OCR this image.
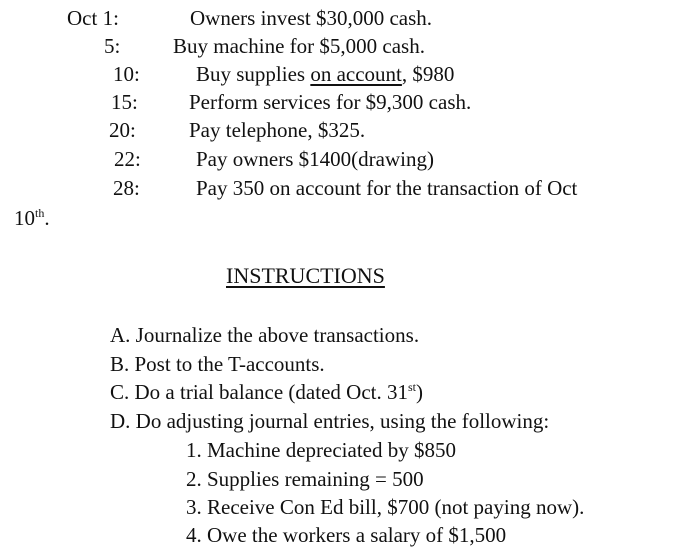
Oct 1:	Owners invest $30,000 cash.
5:	Buy machine for $5,000 cash.
10:	Buy supplies on account, $980
15: Perform services for $9,300 cash.
20:	Pay telephone, $325.
22:	Pay owners $1400(drawing)
28:	Pay 350 on account for the transaction of Oct
10th.
INSTRUCTIONS
A. Journalize the above transactions.
B. Post to the T-accounts.
C. Do a trial balance (dated Oct. 31st)
D. Do adjusting journal entries, using the following:
1. Machine depreciated by $850
2. Supplies remaining = 500
3. Receive Con Ed bill, $700 (not paying now).
4. Owe the workers a salary of $1,500
